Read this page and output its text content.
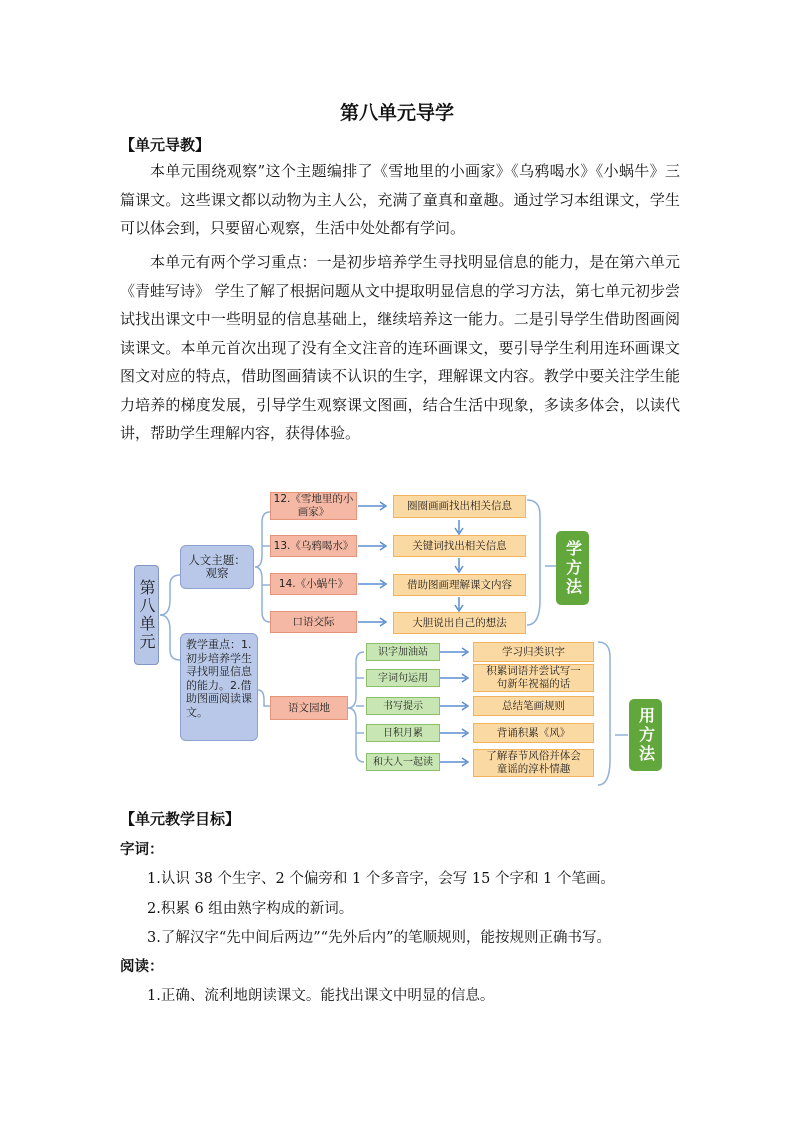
第八单元导学
【单元导教】

本单元围绕观察”这个主题编排了《雪地里的小画家》《乌鸦喝水》《小蜗牛》三篇课文。这些课文都以动物为主人公，充满了童真和童趣。通过学习本组课文，学生可以体会到，只要留心观察，生活中处处都有学问。

本单元有两个学习重点：一是初步培养学生寻找明显信息的能力，是在第六单元《青蛙写诗》 学生了解了根据问题从文中提取明显信息的学习方法，第七单元初步尝试找出课文中一些明显的信息基础上，继续培养这一能力。二是引导学生借助图画阅读课文。本单元首次出现了没有全文注音的连环画课文，要引导学生利用连环画课文图文对应的特点，借助图画猜读不认识的生字，理解课文内容。教学中要关注学生能力培养的梯度发展，引导学生观察课文图画，结合生活中现象，多读多体会，以读代讲，帮助学生理解内容，获得体验。

第八单元
人文主题：观察
教学重点：1.初步培养学生寻找明显信息的能力。2.借助图画阅读课文。
12.《雪地里的小画家》
13.《乌鸦喝水》
14.《小蜗牛》
口语交际
圈圈画画找出相关信息
关键词找出相关信息
借助图画理解课文内容
大胆说出自己的想法
学方法
语文园地
识字加油站
字词句运用
书写提示
日积月累
和大人一起读
学习归类识字
积累词语并尝试写一句新年祝福的话
总结笔画规则
背诵积累《风》
了解春节风俗并体会童谣的淳朴情趣
用方法
【单元教学目标】
字词：
1.认识 38 个生字、2 个偏旁和 1 个多音字，会写 15 个字和 1 个笔画。
2.积累 6 组由熟字构成的新词。
3.了解汉字“先中间后两边”“先外后内”的笔顺规则，能按规则正确书写。
阅读：
1.正确、流利地朗读课文。能找出课文中明显的信息。
